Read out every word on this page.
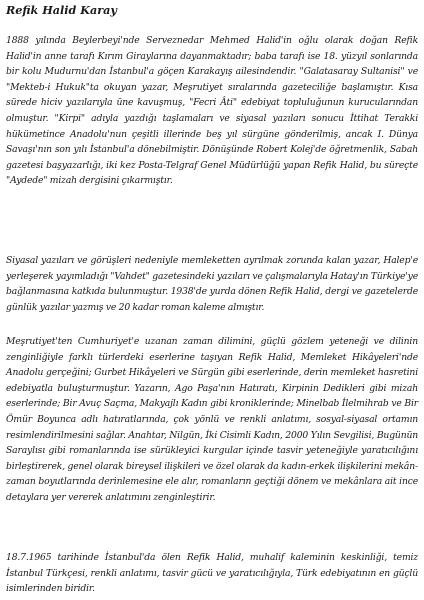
Refik Halid Karay

1888 yılında Beylerbeyi'nde Serveznedar Mehmed Halid'in oğlu olarak doğan Refik Halid'in anne tarafı Kırım Giraylarına dayanmaktadır; baba tarafı ise 18. yüzyıl sonlarında bir kolu Mudurnu'dan İstanbul'a göçen Karakayış ailesindendir. "Galatasaray Sultanisi" ve "Mekteb-i Hukuk"ta okuyan yazar, Meşrutiyet sıralarında gazeteciliğe başlamıştır. Kısa sürede hiciv yazılarıyla üne kavuşmuş, "Fecri Âti" edebiyat topluluğunun kurucularından olmuştur. "Kirpi" adıyla yazdığı taşlamaları ve siyasal yazıları sonucu İttihat Terakki hükümetince Anadolu'nun çeşitli illerinde beş yıl sürgüne gönderilmiş, ancak I. Dünya Savaşı'nın son yılı İstanbul'a dönebilmiştir. Dönüşünde Robert Kolej'de öğretmenlik, Sabah gazetesi başyazarlığı, iki kez Posta-Telgraf Genel Müdürlüğü yapan Refik Halid, bu süreçte "Aydede" mizah dergisini çıkarmıştır.

Siyasal yazıları ve görüşleri nedeniyle memleketten ayrılmak zorunda kalan yazar, Halep'e yerleşerek yayımladığı "Vahdet" gazetesindeki yazıları ve çalışmalarıyla Hatay'ın Türkiye'ye bağlanmasına katkıda bulunmuştur. 1938'de yurda dönen Refik Halid, dergi ve gazetelerde günlük yazılar yazmış ve 20 kadar roman kaleme almıştır.

Meşrutiyet'ten Cumhuriyet'e uzanan zaman dilimini, güçlü gözlem yeteneği ve dilinin zenginliğiyle farklı türlerdeki eserlerine taşıyan Refik Halid, Memleket Hikâyeleri'nde Anadolu gerçeğini; Gurbet Hikâyeleri ve Sürgün gibi eserlerinde, derin memleket hasretini edebiyatla buluşturmuştur. Yazarın, Ago Paşa'nın Hatıratı, Kirpinin Dedikleri gibi mizah eserlerinde; Bir Avuç Saçma, Makyajlı Kadın gibi kroniklerinde; Minelbab İlelmihrab ve Bir Ömür Boyunca adlı hatıratlarında, çok yönlü ve renkli anlatımı, sosyal-siyasal ortamın resimlendirilmesini sağlar. Anahtar, Nilgün, İki Cisimli Kadın, 2000 Yılın Sevgilisi, Bugünün Saraylısı gibi romanlarında ise sürükleyici kurgular içinde tasvir yeteneğiyle yaratıcılığını birleştirerek, genel olarak bireysel ilişkileri ve özel olarak da kadın-erkek ilişkilerini mekân-zaman boyutlarında derinlemesine ele alır, romanların geçtiği dönem ve mekânlara ait ince detaylara yer vererek anlatımını zenginleştirir.

18.7.1965 tarihinde İstanbul'da ölen Refik Halid, muhalif kaleminin keskinliği, temiz İstanbul Türkçesi, renkli anlatımı, tasvir gücü ve yaratıcılığıyla, Türk edebiyatının en güçlü isimlerinden biridir.
